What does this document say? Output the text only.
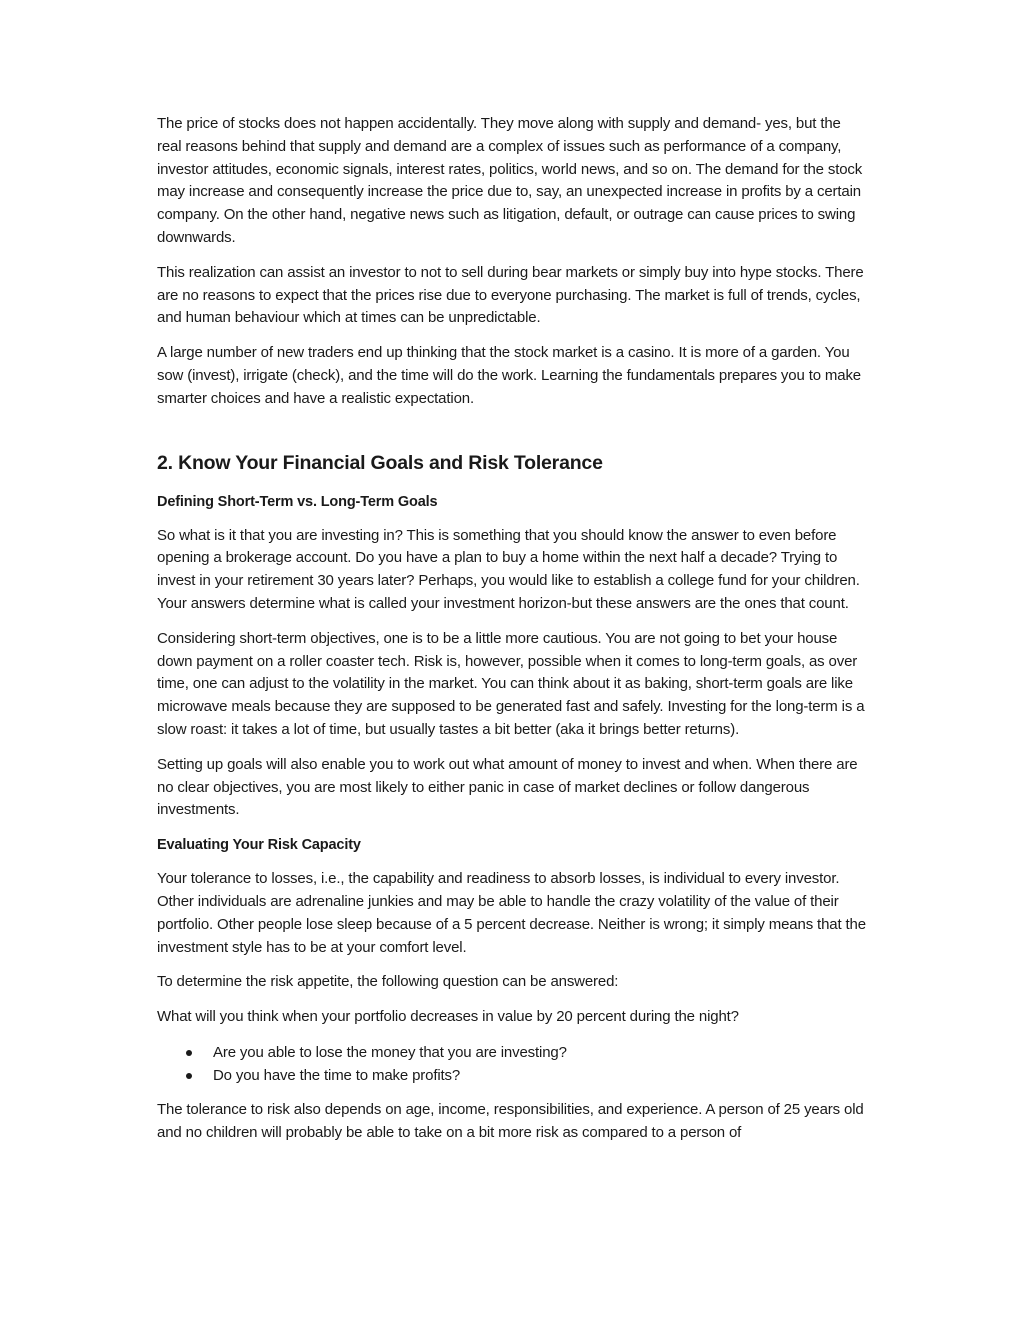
The price of stocks does not happen accidentally. They move along with supply and demand- yes, but the real reasons behind that supply and demand are a complex of issues such as performance of a company, investor attitudes, economic signals, interest rates, politics, world news, and so on. The demand for the stock may increase and consequently increase the price due to, say, an unexpected increase in profits by a certain company. On the other hand, negative news such as litigation, default, or outrage can cause prices to swing downwards.

This realization can assist an investor to not to sell during bear markets or simply buy into hype stocks. There are no reasons to expect that the prices rise due to everyone purchasing. The market is full of trends, cycles, and human behaviour which at times can be unpredictable.

A large number of new traders end up thinking that the stock market is a casino. It is more of a garden. You sow (invest), irrigate (check), and the time will do the work. Learning the fundamentals prepares you to make smarter choices and have a realistic expectation.

2. Know Your Financial Goals and Risk Tolerance
Defining Short-Term vs. Long-Term Goals

So what is it that you are investing in? This is something that you should know the answer to even before opening a brokerage account. Do you have a plan to buy a home within the next half a decade? Trying to invest in your retirement 30 years later? Perhaps, you would like to establish a college fund for your children. Your answers determine what is called your investment horizon-but these answers are the ones that count.

Considering short-term objectives, one is to be a little more cautious. You are not going to bet your house down payment on a roller coaster tech. Risk is, however, possible when it comes to long-term goals, as over time, one can adjust to the volatility in the market. You can think about it as baking, short-term goals are like microwave meals because they are supposed to be generated fast and safely. Investing for the long-term is a slow roast: it takes a lot of time, but usually tastes a bit better (aka it brings better returns).

Setting up goals will also enable you to work out what amount of money to invest and when. When there are no clear objectives, you are most likely to either panic in case of market declines or follow dangerous investments.

Evaluating Your Risk Capacity

Your tolerance to losses, i.e., the capability and readiness to absorb losses, is individual to every investor. Other individuals are adrenaline junkies and may be able to handle the crazy volatility of the value of their portfolio. Other people lose sleep because of a 5 percent decrease. Neither is wrong; it simply means that the investment style has to be at your comfort level.

To determine the risk appetite, the following question can be answered:

What will you think when your portfolio decreases in value by 20 percent during the night?

Are you able to lose the money that you are investing?
Do you have the time to make profits?

The tolerance to risk also depends on age, income, responsibilities, and experience. A person of 25 years old and no children will probably be able to take on a bit more risk as compared to a person of
